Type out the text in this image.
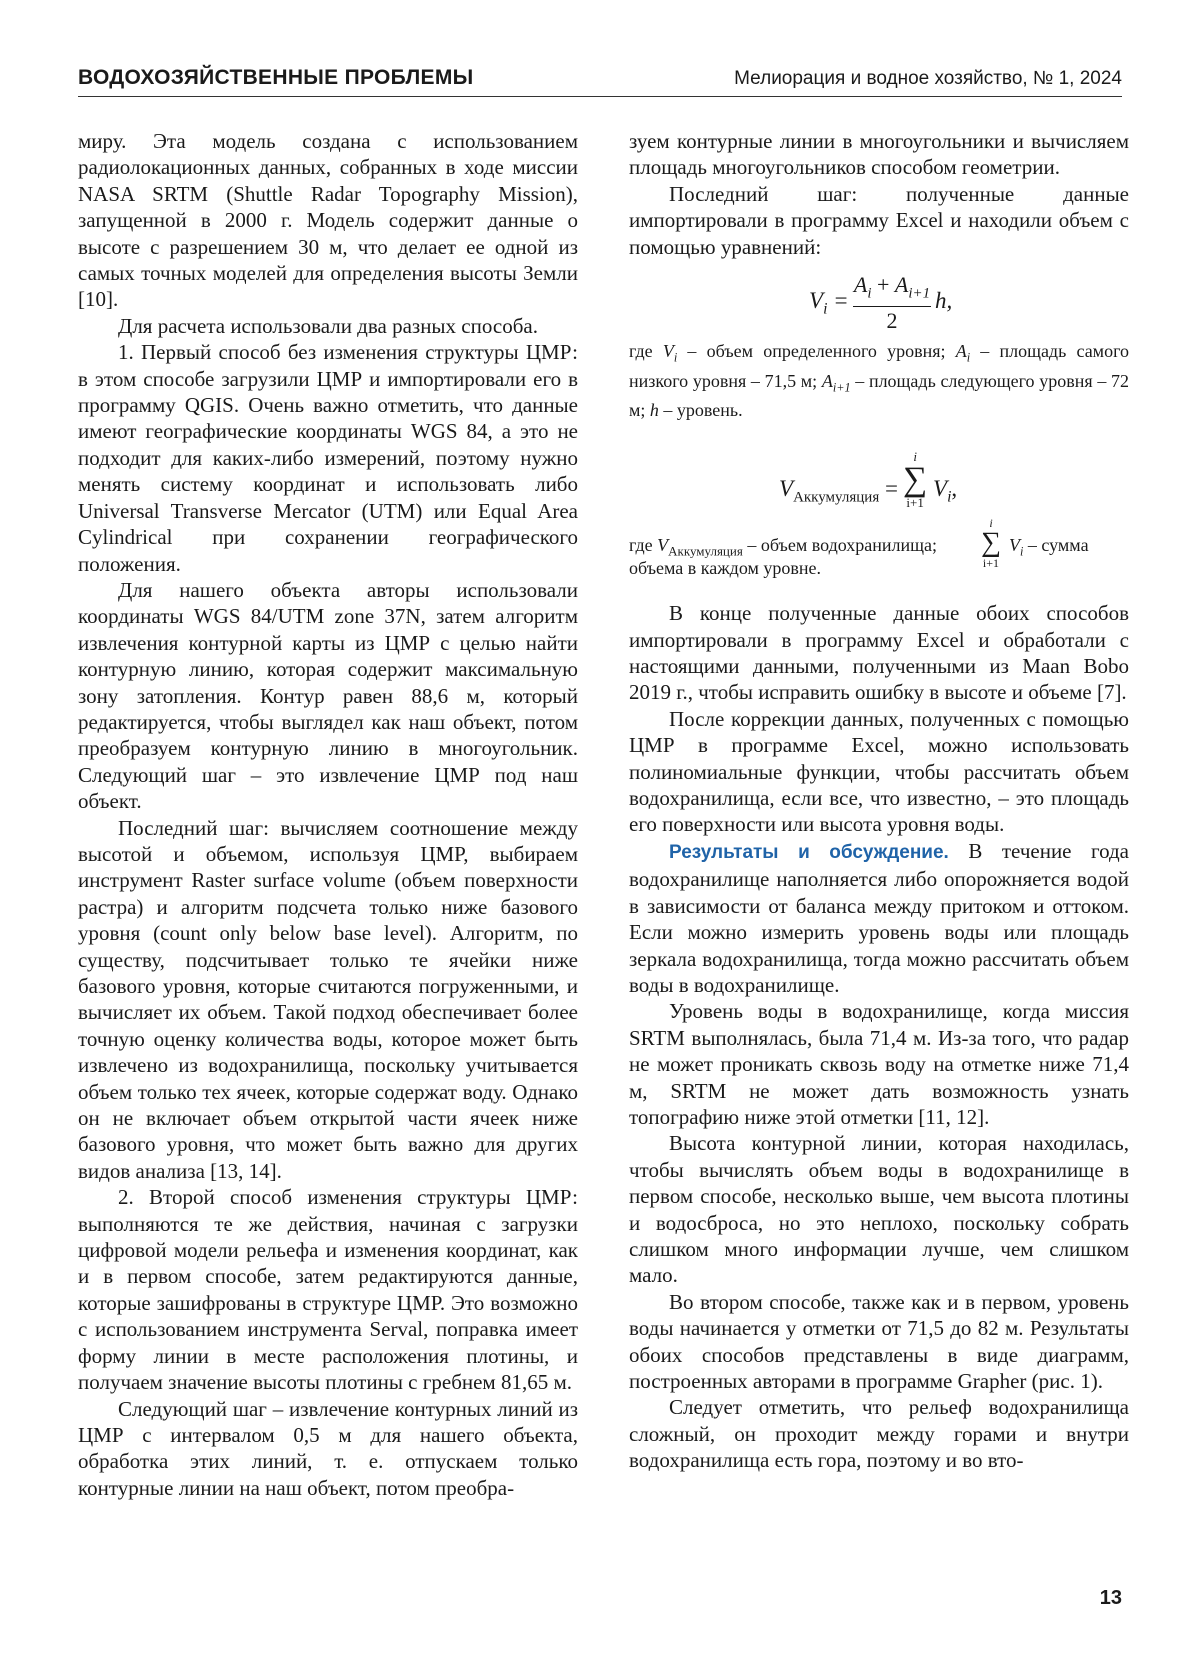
ВОДОХОЗЯЙСТВЕННЫЕ ПРОБЛЕМЫ	Мелиорация и водное хозяйство, № 1, 2024

миру. Эта модель создана с использованием радиолокационных данных, собранных в ходе миссии NASA SRTM (Shuttle Radar Topography Mission), запущенной в 2000 г. Модель содержит данные о высоте с разрешением 30 м, что делает ее одной из самых точных моделей для определения высоты Земли [10].

Для расчета использовали два разных способа.

1. Первый способ без изменения структуры ЦМР: в этом способе загрузили ЦМР и импортировали его в программу QGIS. Очень важно отметить, что данные имеют географические координаты WGS 84, а это не подходит для каких-либо измерений, поэтому нужно менять систему координат и использовать либо Universal Transverse Mercator (UTM) или Equal Area Cylindrical при сохранении географического положения.

Для нашего объекта авторы использовали координаты WGS 84/UTM zone 37N, затем алгоритм извлечения контурной карты из ЦМР с целью найти контурную линию, которая содержит максимальную зону затопления. Контур равен 88,6 м, который редактируется, чтобы выглядел как наш объект, потом преобразуем контурную линию в многоугольник. Следующий шаг – это извлечение ЦМР под наш объект.

Последний шаг: вычисляем соотношение между высотой и объемом, используя ЦМР, выбираем инструмент Raster surface volume (объем поверхности растра) и алгоритм подсчета только ниже базового уровня (count only below base level). Алгоритм, по существу, подсчитывает только те ячейки ниже базового уровня, которые считаются погруженными, и вычисляет их объем. Такой подход обеспечивает более точную оценку количества воды, которое может быть извлечено из водохранилища, поскольку учитывается объем только тех ячеек, которые содержат воду. Однако он не включает объем открытой части ячеек ниже базового уровня, что может быть важно для других видов анализа [13, 14].

2. Второй способ изменения структуры ЦМР: выполняются те же действия, начиная с загрузки цифровой модели рельефа и изменения координат, как и в первом способе, затем редактируются данные, которые зашифрованы в структуре ЦМР. Это возможно с использованием инструмента Serval, поправка имеет форму линии в месте расположения плотины, и получаем значение высоты плотины с гребнем 81,65 м.

Следующий шаг – извлечение контурных линий из ЦМР с интервалом 0,5 м для нашего объекта, обработка этих линий, т. е. отпускаем только контурные линии на наш объект, потом преобра-

зуем контурные линии в многоугольники и вычисляем площадь многоугольников способом геометрии.

Последний шаг: полученные данные импортировали в программу Excel и находили объем с помощью уравнений:

$V_i$ =
$A_i + A_{i+1}$
2
h,

где $V_i$ – объем определенного уровня; $A_i$ – площадь самого низкого уровня – 71,5 м; $A_{i+1}$ – площадь следующего уровня – 72 м; h – уровень.

$V_{Аккумуляция}$ =
i
∑
i+1
$V_i$,
где $V_{Аккумуляция}$ – объем водохранилища;
i
∑
i+1
$V_i$ – сумма
объема в каждом уровне.

В конце полученные данные обоих способов импортировали в программу Excel и обработали с настоящими данными, полученными из Maan Bobo 2019 г., чтобы исправить ошибку в высоте и объеме [7].

После коррекции данных, полученных с помощью ЦМР в программе Excel, можно использовать полиномиальные функции, чтобы рассчитать объем водохранилища, если все, что известно, – это площадь его поверхности или высота уровня воды.

Результаты и обсуждение. В течение года водохранилище наполняется либо опорожняется водой в зависимости от баланса между притоком и оттоком. Если можно измерить уровень воды или площадь зеркала водохранилища, тогда можно рассчитать объем воды в водохранилище.

Уровень воды в водохранилище, когда миссия SRTM выполнялась, была 71,4 м. Из-за того, что радар не может проникать сквозь воду на отметке ниже 71,4 м, SRTM не может дать возможность узнать топографию ниже этой отметки [11, 12].

Высота контурной линии, которая находилась, чтобы вычислять объем воды в водохранилище в первом способе, несколько выше, чем высота плотины и водосброса, но это неплохо, поскольку собрать слишком много информации лучше, чем слишком мало.

Во втором способе, также как и в первом, уровень воды начинается у отметки от 71,5 до 82 м. Результаты обоих способов представлены в виде диаграмм, построенных авторами в программе Grapher (рис. 1).

Следует отметить, что рельеф водохранилища сложный, он проходит между горами и внутри водохранилища есть гора, поэтому и во вто-

13
